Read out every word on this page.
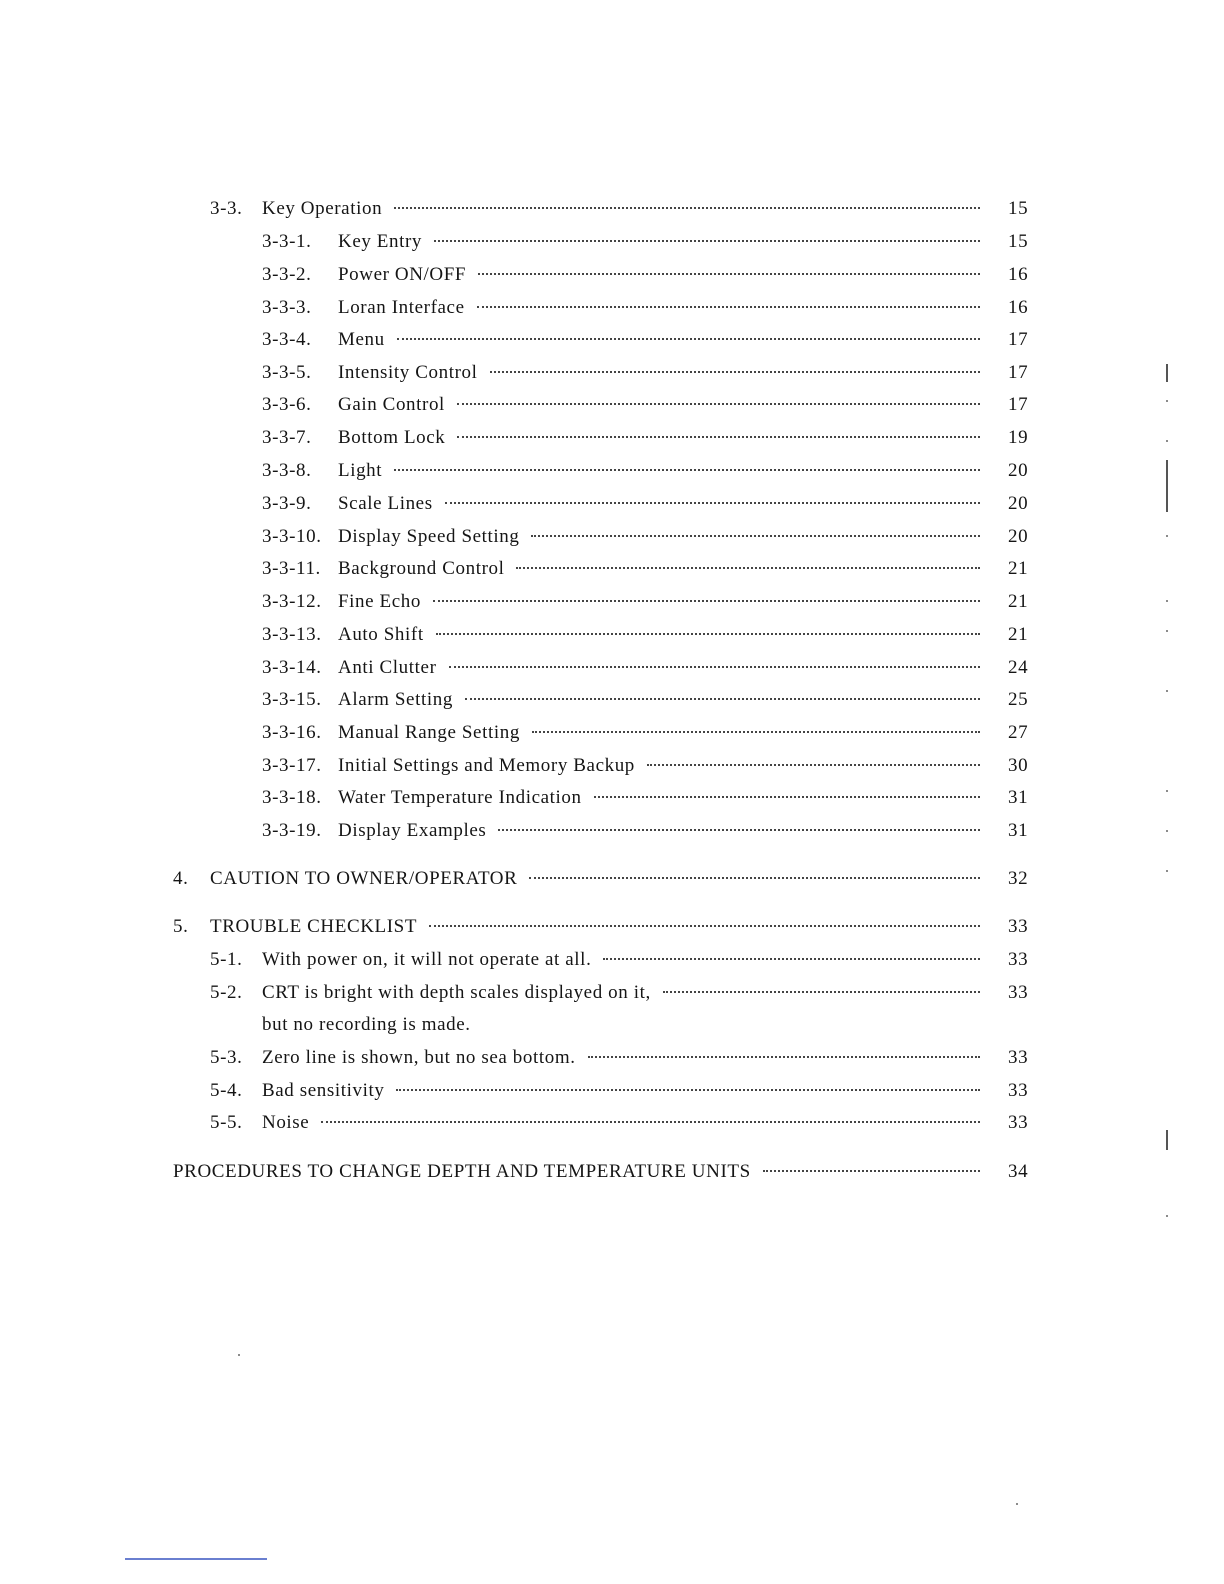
3-3.	Key Operation	15
3-3-1.	Key Entry	15
3-3-2.	Power ON/OFF	16
3-3-3.	Loran Interface	16
3-3-4.	Menu	17
3-3-5.	Intensity Control	17
3-3-6.	Gain Control	17
3-3-7.	Bottom Lock	19
3-3-8.	Light	20
3-3-9.	Scale Lines	20
3-3-10. Display Speed Setting	20
3-3-11. Background Control	21
3-3-12. Fine Echo	21
3-3-13. Auto Shift	21
3-3-14. Anti Clutter	24
3-3-15. Alarm Setting	25
3-3-16. Manual Range Setting	27
3-3-17. Initial Settings and Memory Backup	30
3-3-18. Water Temperature Indication	31
3-3-19. Display Examples	31
4.	CAUTION TO OWNER/OPERATOR	32
5.	TROUBLE CHECKLIST	33
5-1.	With power on, it will not operate at all.	33
5-2.	CRT is bright with depth scales displayed on it,	33
but no recording is made.
5-3.	Zero line is shown, but no sea bottom.	33
5-4.	Bad sensitivity	33
5-5.	Noise	33
PROCEDURES TO CHANGE DEPTH AND TEMPERATURE UNITS	34
